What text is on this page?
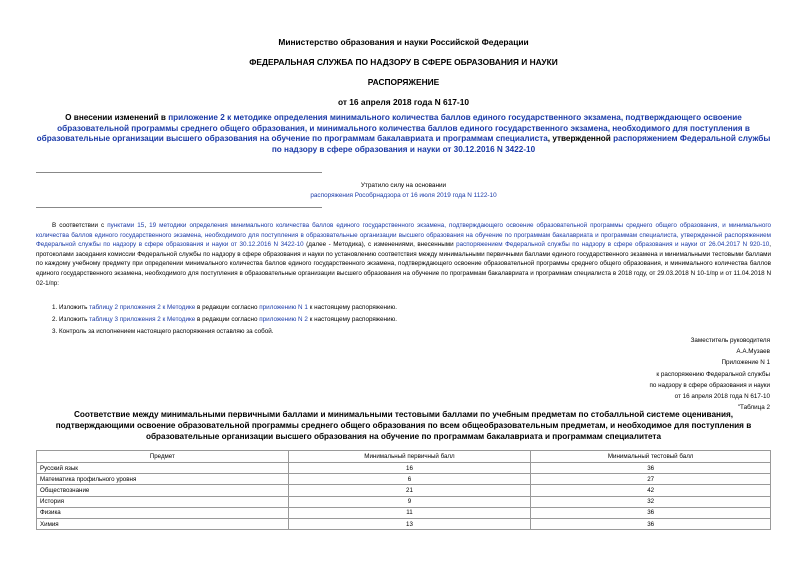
Министерство образования и науки Российской Федерации
ФЕДЕРАЛЬНАЯ СЛУЖБА ПО НАДЗОРУ В СФЕРЕ ОБРАЗОВАНИЯ И НАУКИ
РАСПОРЯЖЕНИЕ
от 16 апреля 2018 года N 617-10
О внесении изменений в приложение 2 к методике определения минимального количества баллов единого государственного экзамена, подтверждающего освоение образовательной программы среднего общего образования, и минимального количества баллов единого государственного экзамена, необходимого для поступления в образовательные организации высшего образования на обучение по программам бакалавриата и программам специалиста, утвержденной распоряжением Федеральной службы по надзору в сфере образования и науки от 30.12.2016 N 3422-10
Утратило силу на основании
распоряжения Рособрнадзора от 16 июля 2019 года N 1122-10
В соответствии с пунктами 15, 19 методики определения минимального количества баллов единого государственного экзамена, подтверждающего освоение образовательной программы среднего общего образования, и минимального количества баллов единого государственного экзамена, необходимого для поступления в образовательные организации высшего образования на обучение по программам бакалавриата и программам специалиста, утвержденной распоряжением Федеральной службы по надзору в сфере образования и науки от 30.12.2016 N 3422-10 (далее - Методика), с изменениями, внесенными распоряжением Федеральной службы по надзору в сфере образования и науки от 26.04.2017 N 920-10, протоколами заседания комиссии Федеральной службы по надзору в сфере образования и науки по установлению соответствия между минимальными первичными баллами единого государственного экзамена и минимальными тестовыми баллами по каждому учебному предмету при определении минимального количества баллов единого государственного экзамена, подтверждающего освоение образовательной программы среднего общего образования, и минимального количества баллов единого государственного экзамена, необходимого для поступления в образовательные организации высшего образования на обучение по программам бакалавриата и программам специалиста в 2018 году, от 29.03.2018 N 10-1/пр и от 11.04.2018 N 02-1/пр:
1. Изложить таблицу 2 приложения 2 к Методике в редакции согласно приложению N 1 к настоящему распоряжению.
2. Изложить таблицу 3 приложения 2 к Методике в редакции согласно приложению N 2 к настоящему распоряжению.
3. Контроль за исполнением настоящего распоряжения оставляю за собой.
Заместитель руководителя
А.А.Музаев
Приложение N 1
к распоряжению Федеральной службы
по надзору в сфере образования и науки
от 16 апреля 2018 года N 617-10
"Таблица 2
Соответствие между минимальными первичными баллами и минимальными тестовыми баллами по учебным предметам по стобалльной системе оценивания, подтверждающими освоение образовательной программы среднего общего образования по всем общеобразовательным предметам, и необходимое для поступления в образовательные организации высшего образования на обучение по программам бакалавриата и программам специалитета
Предмет	Минимальный первичный балл	Минимальный тестовый балл
Русский язык	16	36
Математика профильного уровня	6	27
Обществознание	21	42
История	9	32
Физика	11	36
Химия	13	36
